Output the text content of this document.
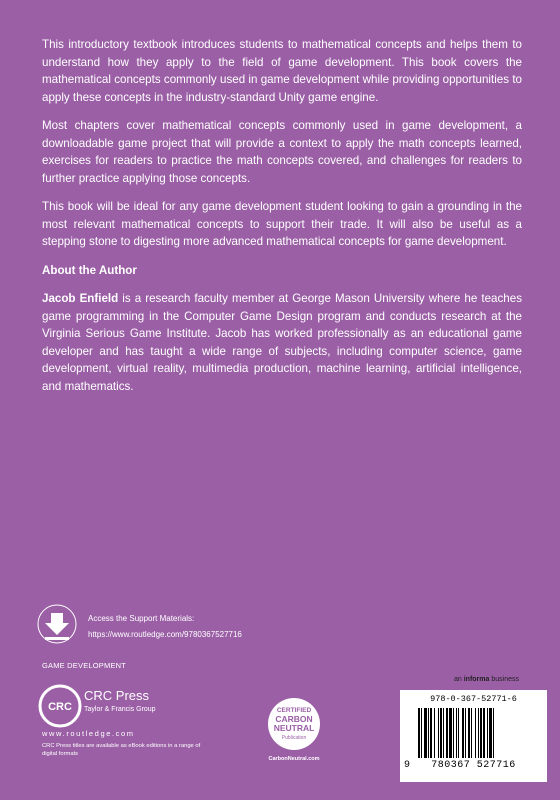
This introductory textbook introduces students to mathematical concepts and helps them to understand how they apply to the field of game development. This book covers the mathematical concepts commonly used in game development while providing opportunities to apply these concepts in the industry-standard Unity game engine.

Most chapters cover mathematical concepts commonly used in game development, a downloadable game project that will provide a context to apply the math concepts learned, exercises for readers to practice the math concepts covered, and challenges for readers to further practice applying those concepts.

This book will be ideal for any game development student looking to gain a grounding in the most relevant mathematical concepts to support their trade. It will also be useful as a stepping stone to digesting more advanced mathematical concepts for game development.

About the Author

Jacob Enfield is a research faculty member at George Mason University where he teaches game programming in the Computer Game Design program and conducts research at the Virginia Serious Game Institute. Jacob has worked professionally as an educational game developer and has taught a wide range of subjects, including computer science, game development, virtual reality, multimedia production, machine learning, artificial intelligence, and mathematics.

Access the Support Materials:
https://www.routledge.com/9780367527716
GAME DEVELOPMENT
CRC
CRC Press
Taylor & Francis Group
www.routledge.com
CRC Press titles are available as eBook editions in a range of digital formats
CERTIFIED
CARBON
NEUTRAL
Publication
CarbonNeutral.com
an informa business
978-0-367-52771-6
9	780367 527716
